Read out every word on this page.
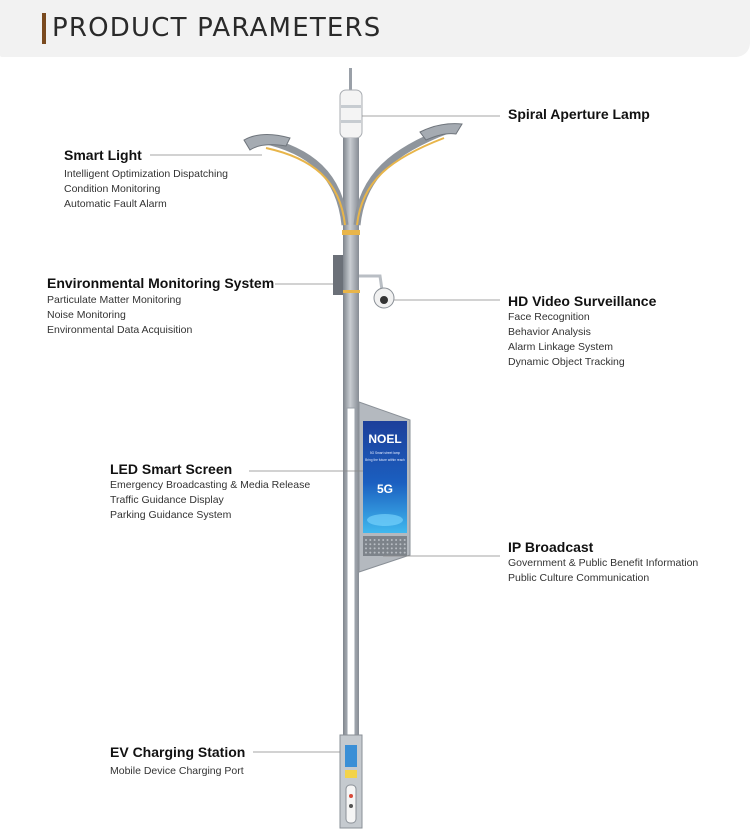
PRODUCT PARAMETERS
NOEL
5G Smart street lamp
Bring the future within reach
5G
Spiral Aperture Lamp
Smart Light
Intelligent Optimization Dispatching
Condition Monitoring
Automatic Fault Alarm
Environmental Monitoring System
Particulate Matter Monitoring
Noise Monitoring
Environmental Data Acquisition
HD Video Surveillance
Face Recognition
Behavior Analysis
Alarm Linkage System
Dynamic Object Tracking
LED Smart Screen
Emergency Broadcasting & Media Release
Traffic Guidance Display
Parking Guidance System
IP Broadcast
Government & Public Benefit Information
Public Culture Communication
EV Charging Station
Mobile Device Charging Port
